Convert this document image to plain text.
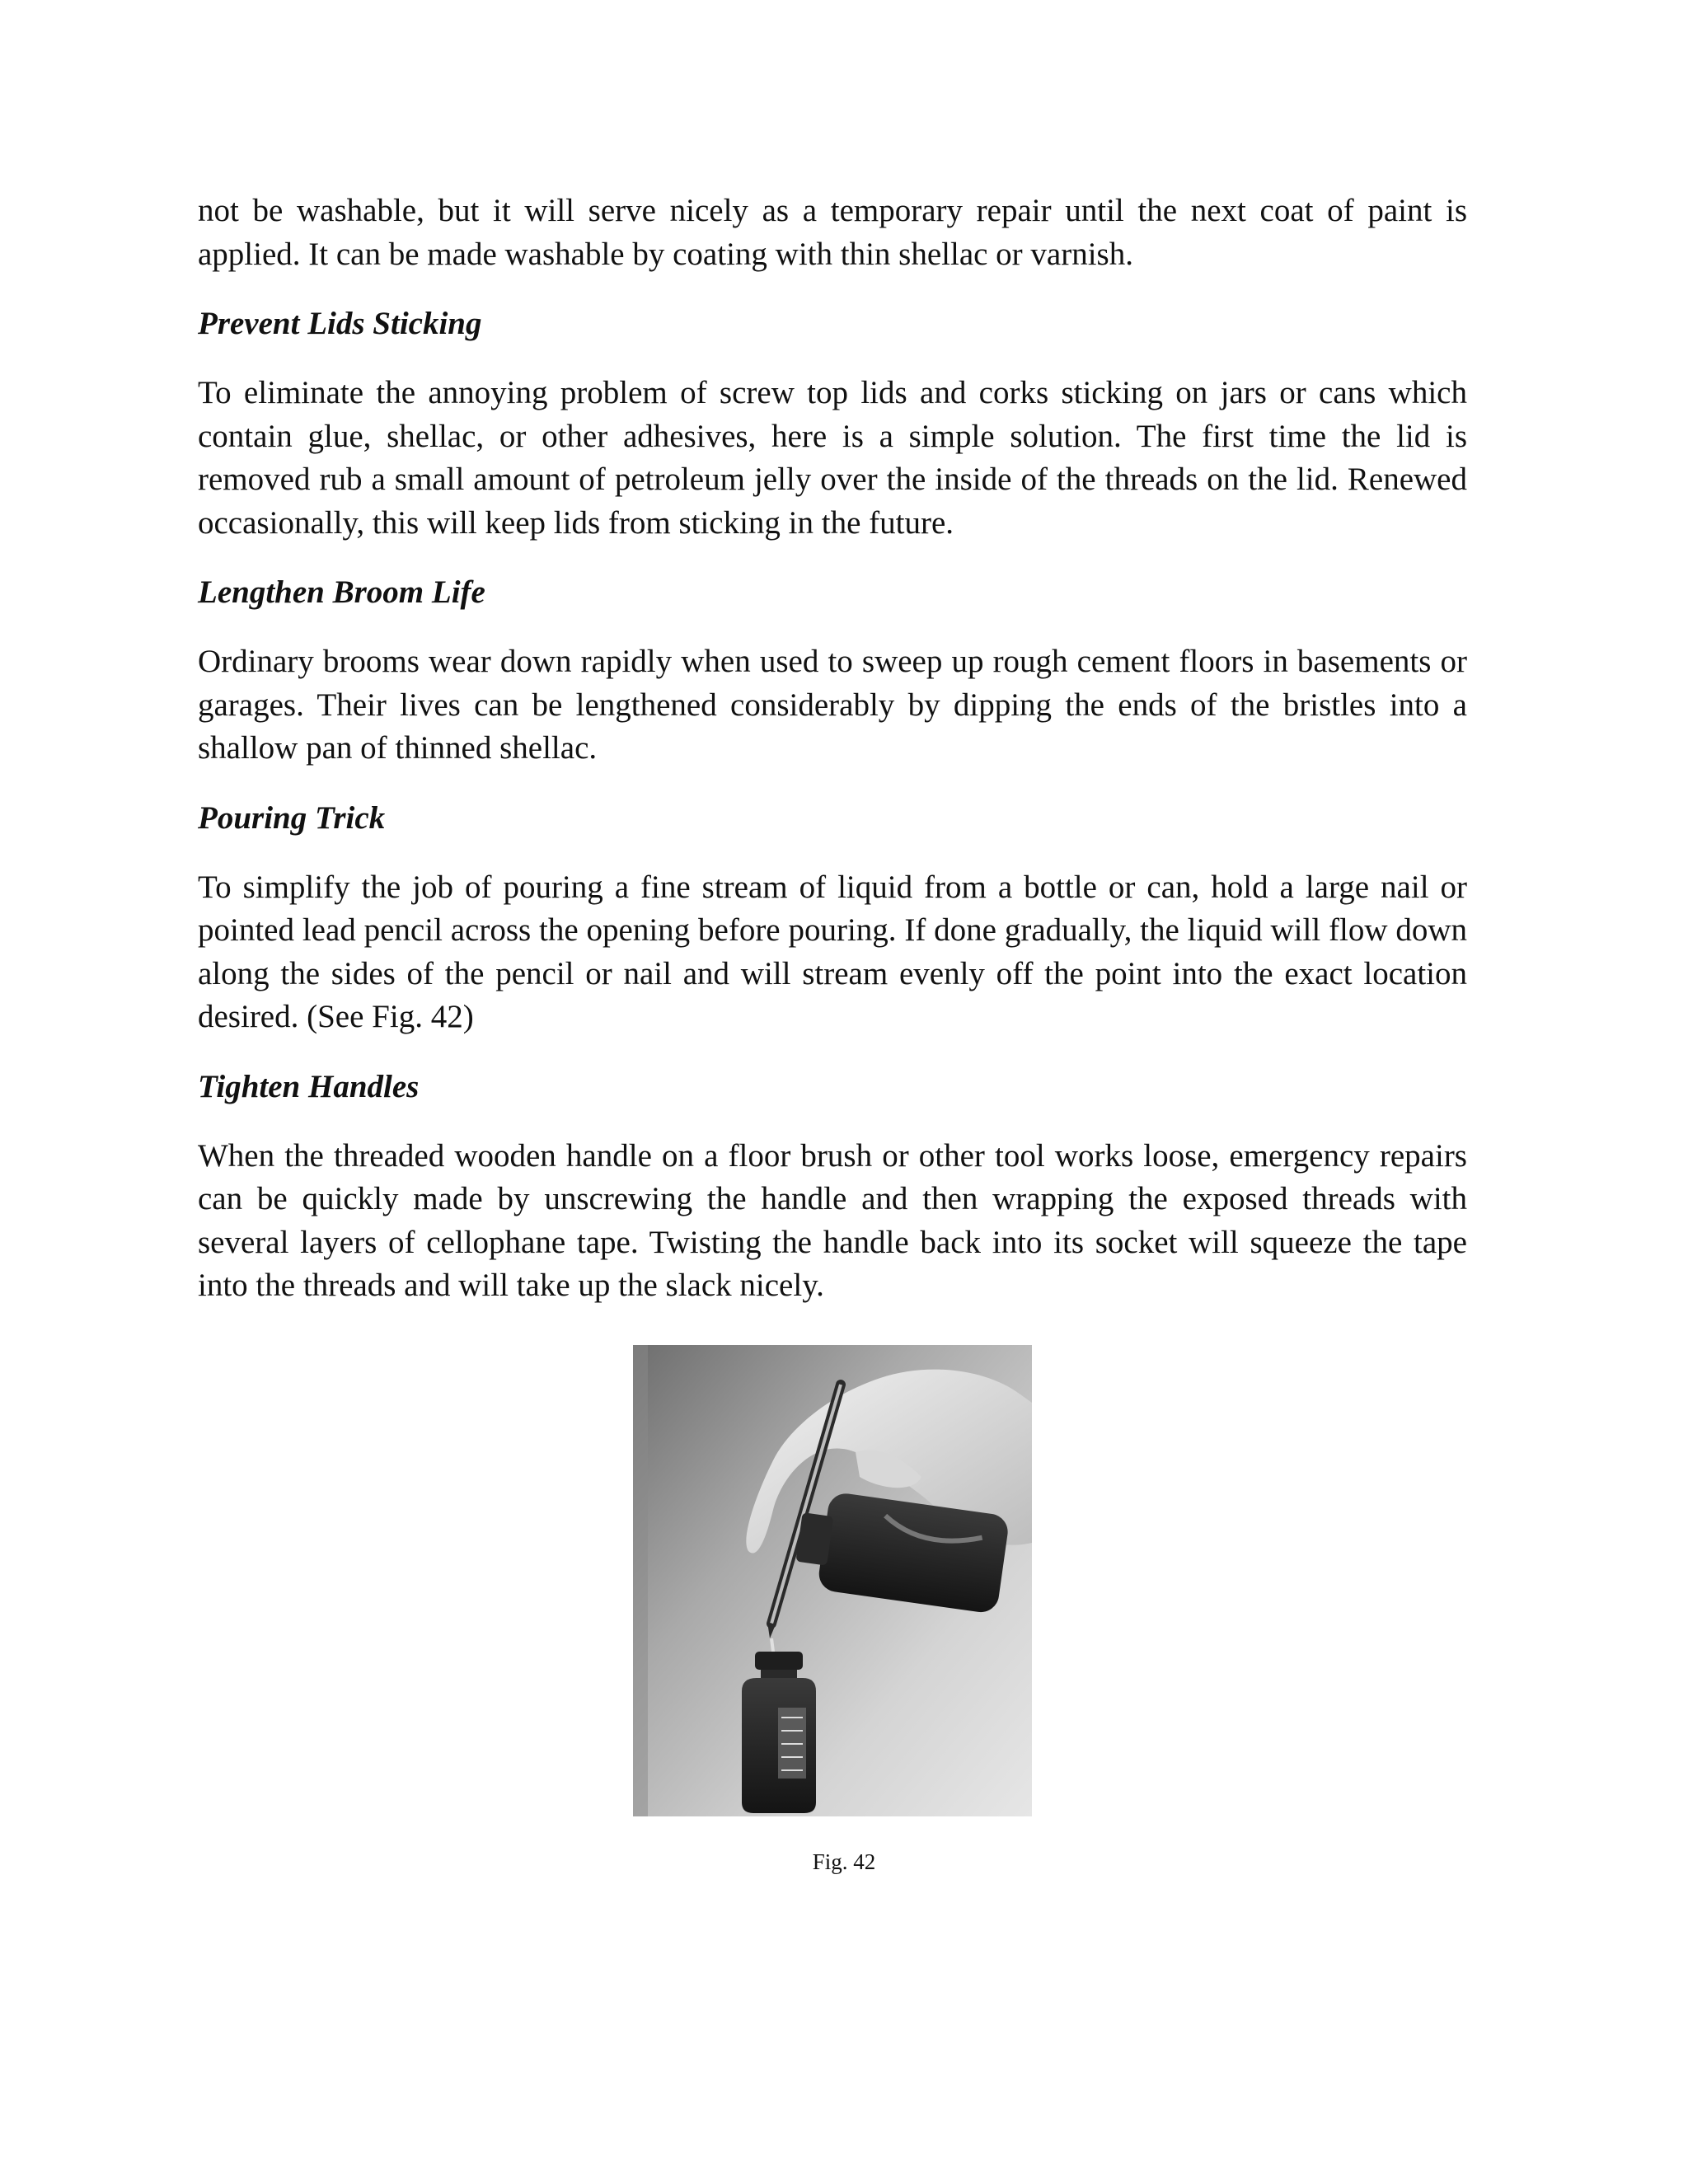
not be washable, but it will serve nicely as a temporary repair until the next coat of paint is applied. It can be made washable by coating with thin shellac or varnish.

Prevent Lids Sticking

To eliminate the annoying problem of screw top lids and corks sticking on jars or cans which contain glue, shellac, or other adhesives, here is a simple solution. The first time the lid is removed rub a small amount of petroleum jelly over the inside of the threads on the lid. Renewed occasionally, this will keep lids from sticking in the future.

Lengthen Broom Life

Ordinary brooms wear down rapidly when used to sweep up rough cement floors in basements or garages. Their lives can be lengthened considerably by dipping the ends of the bristles into a shallow pan of thinned shellac.

Pouring Trick

To simplify the job of pouring a fine stream of liquid from a bottle or can, hold a large nail or pointed lead pencil across the opening before pouring. If done gradually, the liquid will flow down along the sides of the pencil or nail and will stream evenly off the point into the exact location desired. (See Fig. 42)

Tighten Handles

When the threaded wooden handle on a floor brush or other tool works loose, emergency repairs can be quickly made by unscrewing the handle and then wrapping the exposed threads with several layers of cellophane tape. Twisting the handle back into its socket will squeeze the tape into the threads and will take up the slack nicely.

Fig. 42
